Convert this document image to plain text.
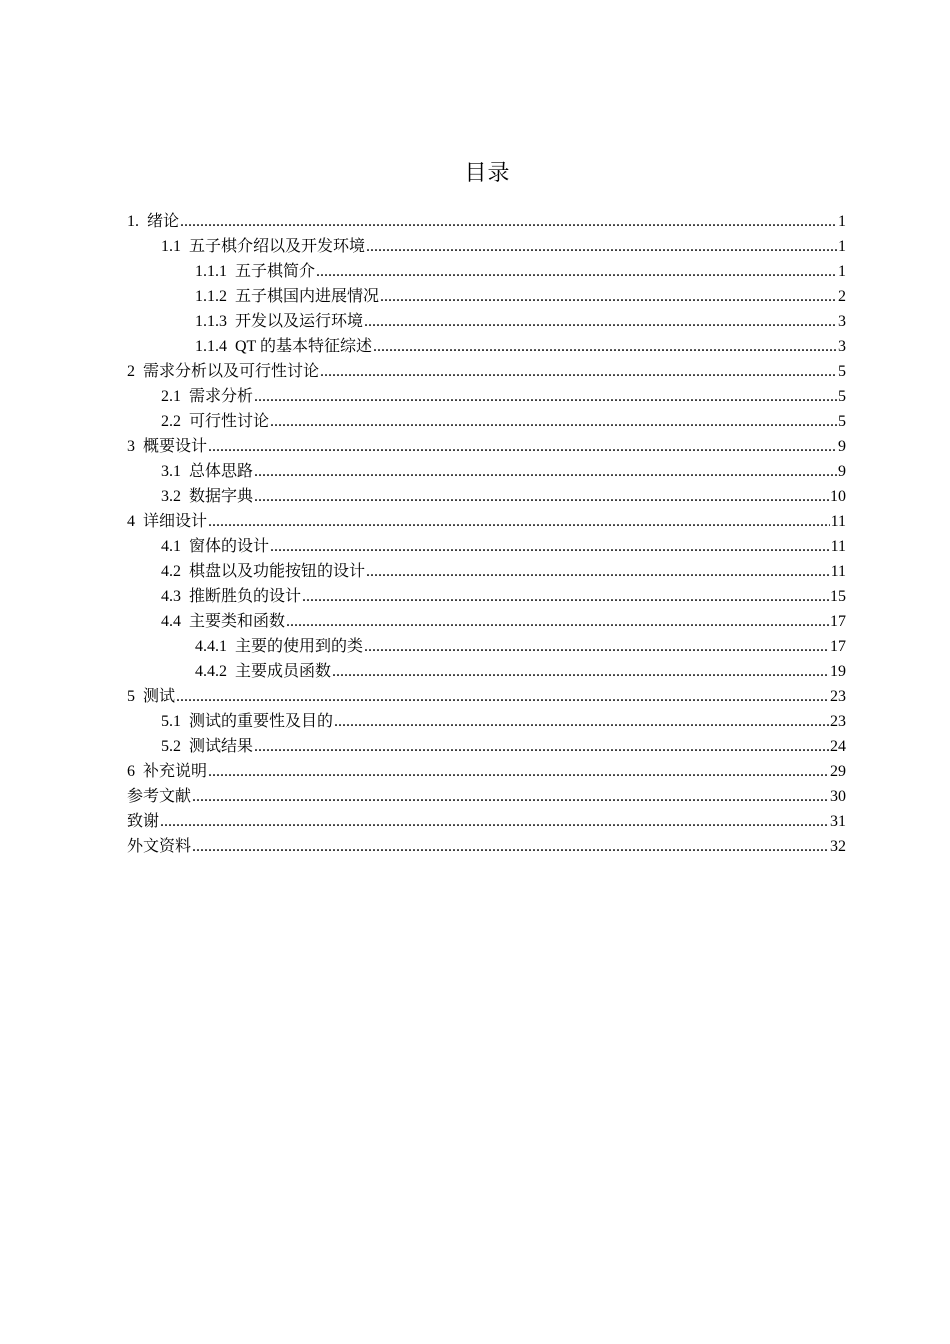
目录
1. 绪论 .....	1
1.1 五子棋介绍以及开发环境 .....	1
1.1.1 五子棋简介 .....	1
1.1.2 五子棋国内进展情况 .....	2
1.1.3 开发以及运行环境 .....	3
1.1.4 QT 的基本特征综述 .....	3
2 需求分析以及可行性讨论 .....	5
2.1 需求分析 .....	5
2.2 可行性讨论 .....	5
3 概要设计 .....	9
3.1 总体思路 .....	9
3.2 数据字典 .....	10
4 详细设计 .....	11
4.1 窗体的设计 .....	11
4.2 棋盘以及功能按钮的设计 .....	11
4.3 推断胜负的设计 .....	15
4.4 主要类和函数 .....	17
4.4.1 主要的使用到的类 .....	17
4.4.2 主要成员函数 .....	19
5 测试 .....	23
5.1 测试的重要性及目的 .....	23
5.2 测试结果 .....	24
6 补充说明 .....	29
参考文献 .....	30
致谢 .....	31
外文资料 .....	32
